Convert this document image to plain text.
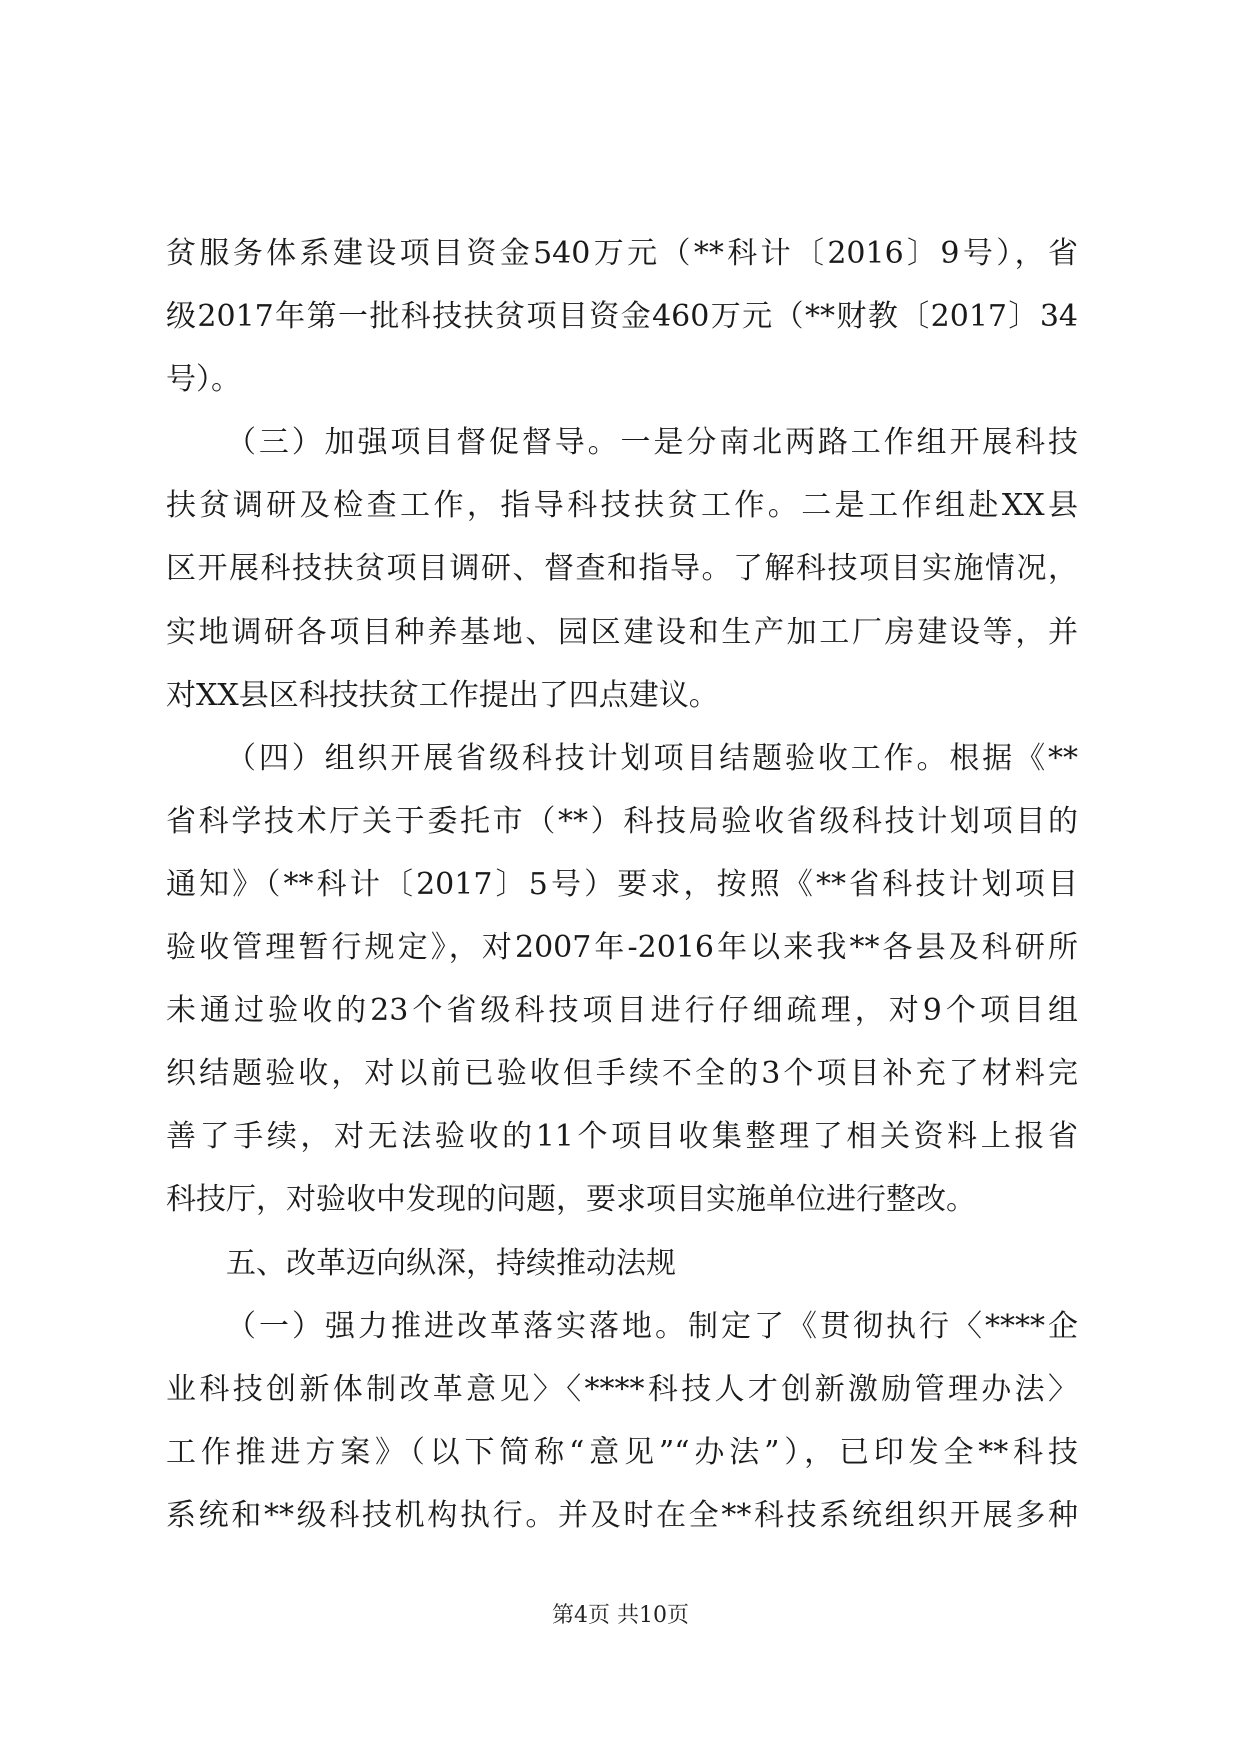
贫服务体系建设项目资金540万元（**科计〔2016〕9号），省
级2017年第一批科技扶贫项目资金460万元（**财教〔2017〕34
号）。
（三）加强项目督促督导。一是分南北两路工作组开展科技
扶贫调研及检查工作，指导科技扶贫工作。二是工作组赴XX县
区开展科技扶贫项目调研、督查和指导。了解科技项目实施情况，
实地调研各项目种养基地、园区建设和生产加工厂房建设等，并
对XX县区科技扶贫工作提出了四点建议。
（四）组织开展省级科技计划项目结题验收工作。根据《**
省科学技术厅关于委托市（**）科技局验收省级科技计划项目的
通知》（**科计〔2017〕5号）要求，按照《**省科技计划项目
验收管理暂行规定》，对2007年-2016年以来我**各县及科研所
未通过验收的23个省级科技项目进行仔细疏理，对9个项目组
织结题验收，对以前已验收但手续不全的3个项目补充了材料完
善了手续，对无法验收的11个项目收集整理了相关资料上报省
科技厅，对验收中发现的问题，要求项目实施单位进行整改。
五、改革迈向纵深，持续推动法规
（一）强力推进改革落实落地。制定了《贯彻执行〈****企
业科技创新体制改革意见〉〈****科技人才创新激励管理办法〉
工作推进方案》（以下简称“意见”“办法”），已印发全**科技
系统和**级科技机构执行。并及时在全**科技系统组织开展多种
第4页 共10页
